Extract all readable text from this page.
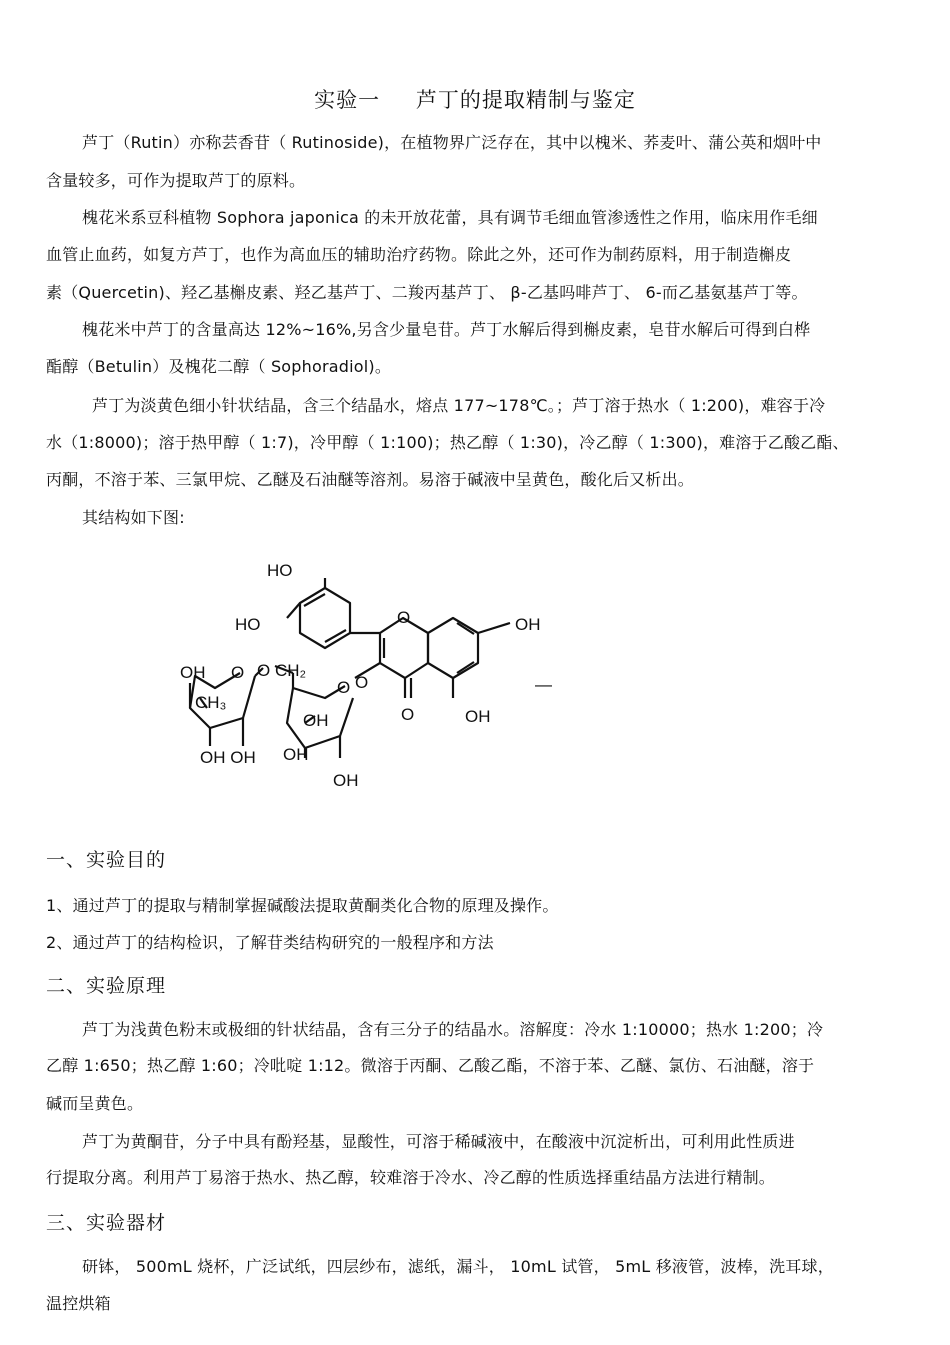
实验一 芦丁的提取精制与鉴定
芦丁（Rutin）亦称芸香苷（ Rutinoside)，在植物界广泛存在，其中以槐米、荞麦叶、蒲公英和烟叶中
含量较多，可作为提取芦丁的原料。
槐花米系豆科植物 Sophora japonica 的未开放花蕾，具有调节毛细血管渗透性之作用，临床用作毛细
血管止血药，如复方芦丁，也作为高血压的辅助治疗药物。除此之外，还可作为制药原料，用于制造槲皮
素（Quercetin)、羟乙基槲皮素、羟乙基芦丁、二羧丙基芦丁、 β-乙基吗啡芦丁、 6-而乙基氨基芦丁等。
槐花米中芦丁的含量高达 12%~16%,另含少量皂苷。芦丁水解后得到槲皮素，皂苷水解后可得到白桦
酯醇（Betulin）及槐花二醇（ Sophoradiol)。
芦丁为淡黄色细小针状结晶，含三个结晶水，熔点 177~178℃。；芦丁溶于热水（ 1:200)，难容于冷
水（1:8000)；溶于热甲醇（ 1:7)，冷甲醇（ 1:100)；热乙醇（ 1:30)，冷乙醇（ 1:300)，难溶于乙酸乙酯、
丙酮，不溶于苯、三氯甲烷、乙醚及石油醚等溶剂。易溶于碱液中呈黄色，酸化后又析出。
其结构如下图:
HO
HO	OH
O
O	OH
OH O O CH₂
CH₃
O
O
OH
OH
OH OH
OH
—
一、实验目的
1、通过芦丁的提取与精制掌握碱酸法提取黄酮类化合物的原理及操作。
2、通过芦丁的结构检识，了解苷类结构研究的一般程序和方法
二、实验原理
芦丁为浅黄色粉末或极细的针状结晶，含有三分子的结晶水。溶解度：冷水 1:10000；热水 1:200；冷
乙醇 1:650；热乙醇 1:60；冷吡啶 1:12。微溶于丙酮、乙酸乙酯，不溶于苯、乙醚、氯仿、石油醚，溶于
碱而呈黄色。
芦丁为黄酮苷，分子中具有酚羟基，显酸性，可溶于稀碱液中，在酸液中沉淀析出，可利用此性质进
行提取分离。利用芦丁易溶于热水、热乙醇，较难溶于冷水、冷乙醇的性质选择重结晶方法进行精制。
三、实验器材
研钵， 500mL 烧杯，广泛试纸，四层纱布，滤纸，漏斗， 10mL 试管， 5mL 移液管，波棒，洗耳球，
温控烘箱
